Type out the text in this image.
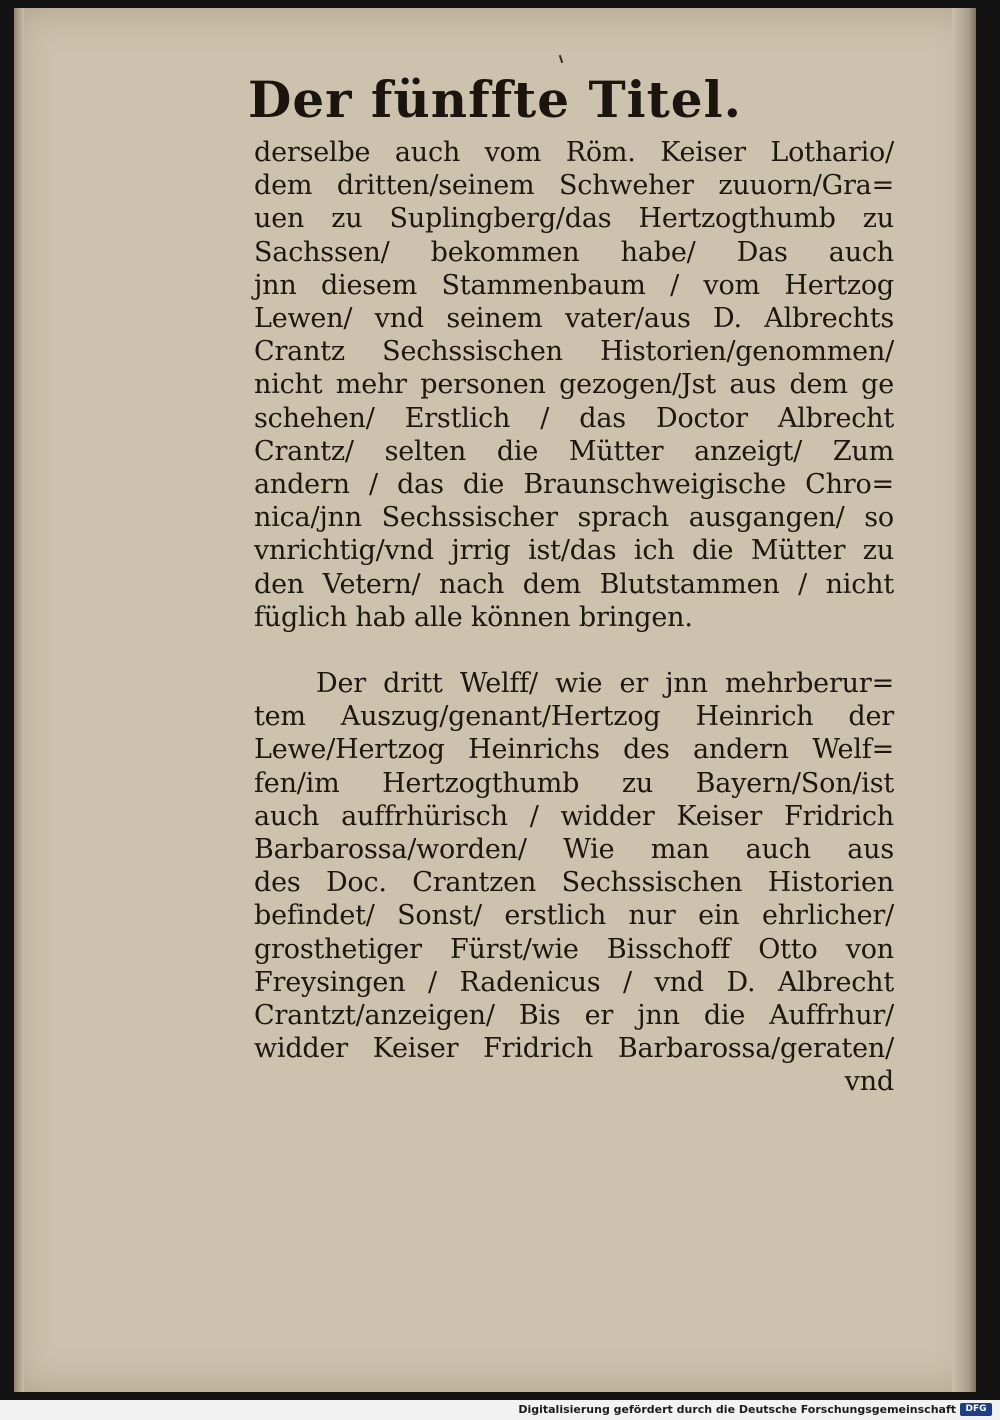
Der fünffte Titel.
derselbe auch vom Röm. Keiser Lothario/
dem dritten/seinem Schweher zuuorn/Gra=
uen zu Suplingberg/das Hertzogthumb zu
Sachssen/ bekommen habe/ Das auch
jnn diesem Stammenbaum / vom Hertzog
Lewen/ vnd seinem vater/aus D. Albrechts
Crantz Sechssischen Historien/genommen/
nicht mehr personen gezogen/Jst aus dem ge
schehen/ Erstlich / das Doctor Albrecht
Crantz/ selten die Mütter anzeigt/ Zum
andern / das die Braunschweigische Chro=
nica/jnn Sechssischer sprach ausgangen/ so
vnrichtig/vnd jrrig ist/das ich die Mütter zu
den Vetern/ nach dem Blutstammen / nicht
füglich hab alle können bringen.
Der dritt Welff/ wie er jnn mehrberur=
tem Auszug/genant/Hertzog Heinrich der
Lewe/Hertzog Heinrichs des andern Welf=
fen/im Hertzogthumb zu Bayern/Son/ist
auch auffrhürisch / widder Keiser Fridrich
Barbarossa/worden/ Wie man auch aus
des Doc. Crantzen Sechssischen Historien
befindet/ Sonst/ erstlich nur ein ehrlicher/
grosthetiger Fürst/wie Bisschoff Otto von
Freysingen / Radenicus / vnd D. Albrecht
Crantzt/anzeigen/ Bis er jnn die Auffrhur/
widder Keiser Fridrich Barbarossa/geraten/
vnd
Digitalisierung gefördert durch die Deutsche Forschungsgemeinschaft	DFG
